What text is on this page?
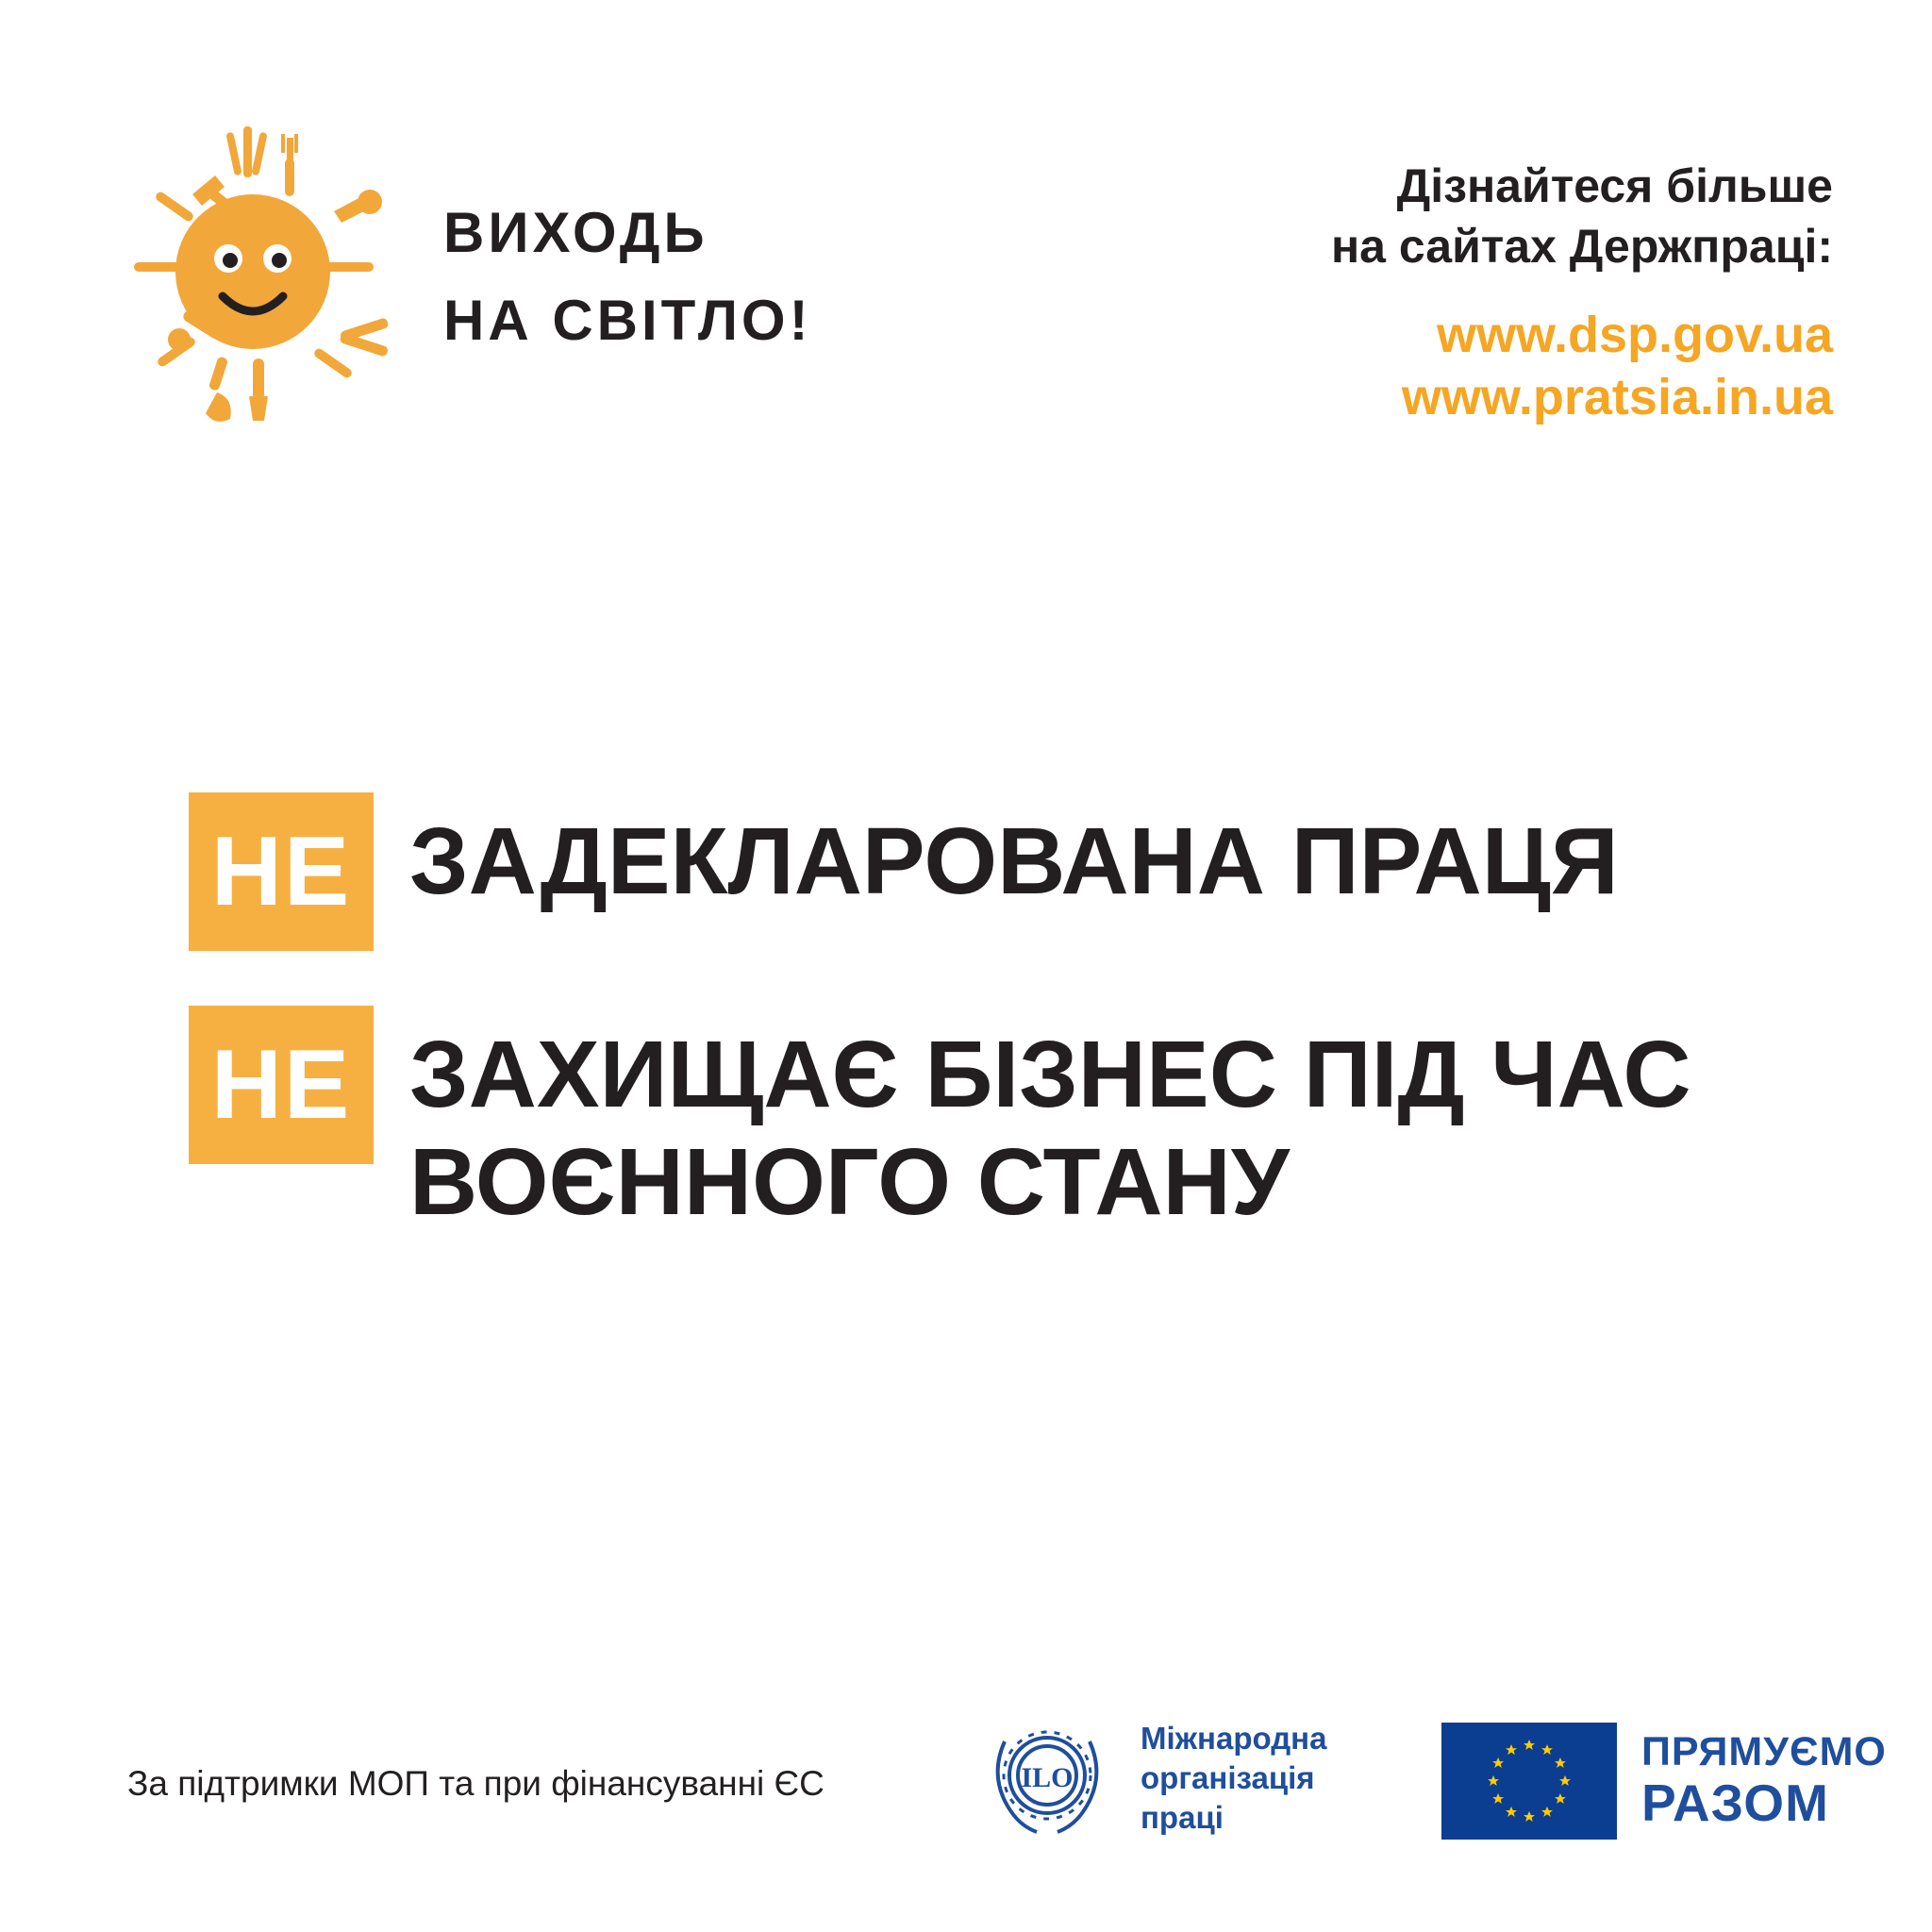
ВИХОДЬ
НА СВІТЛО!
Дізнайтеся більше
на сайтах Держпраці:
www.dsp.gov.ua
www.pratsia.in.ua
НЕ ЗАДЕКЛАРОВАНА ПРАЦЯ
НЕ ЗАХИЩАЄ БІЗНЕС ПІД ЧАС ВОЄННОГО СТАНУ
За підтримки МОП та при фінансуванні ЄС	ILO
Міжнародна
організація
праці
ПРЯМУЄМО
РАЗОМ
